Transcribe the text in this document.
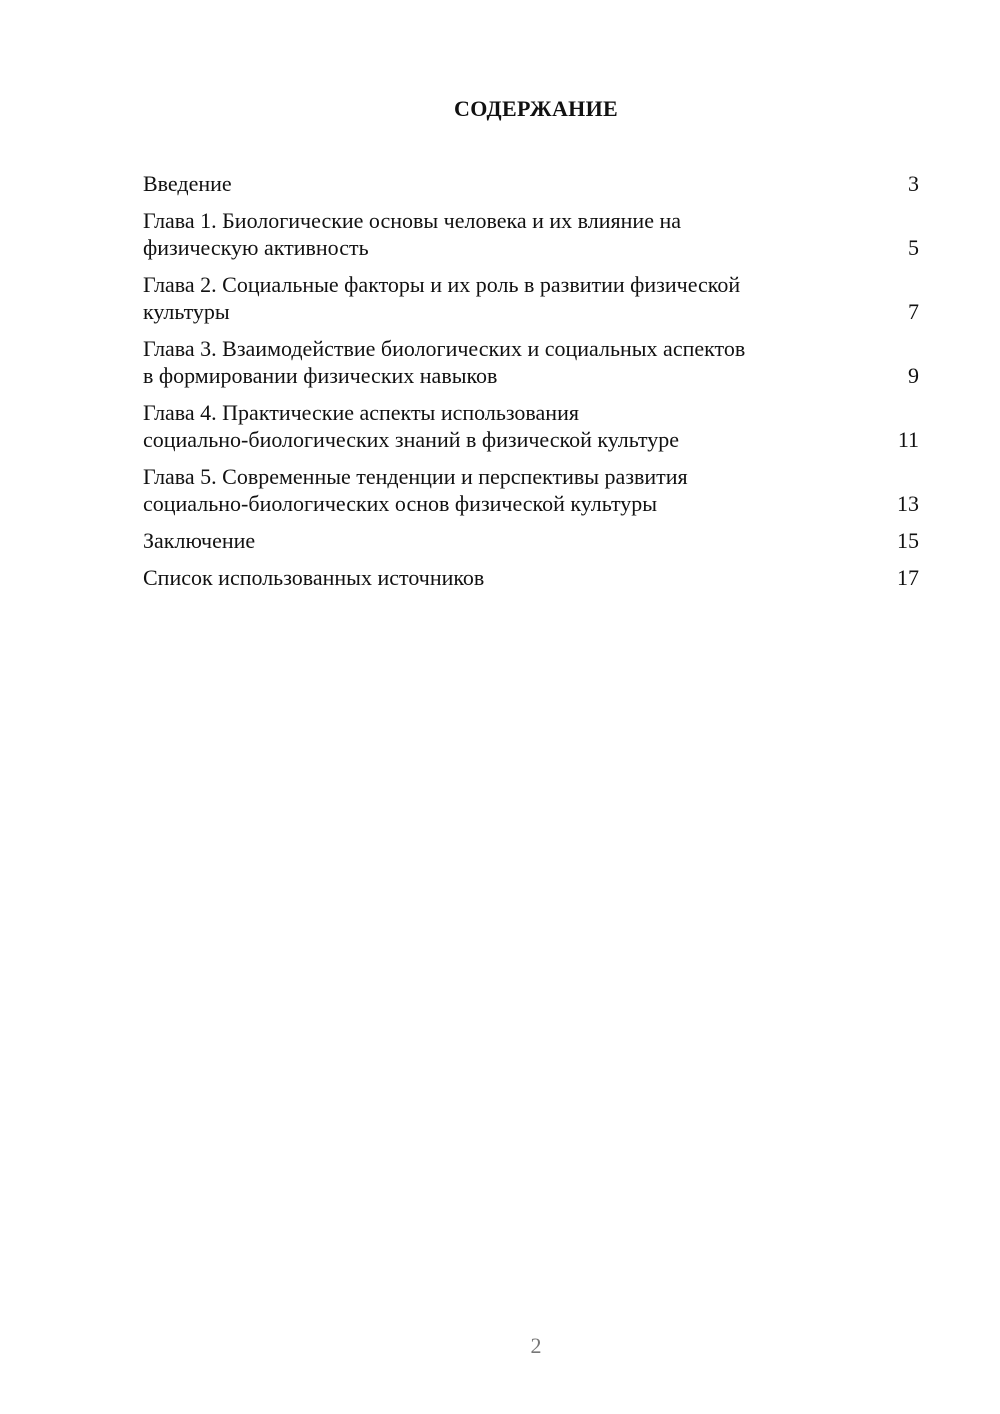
СОДЕРЖАНИЕ
Введение	3
Глава 1. Биологические основы человека и их влияние на
физическую активность	5
Глава 2. Социальные факторы и их роль в развитии физической
культуры	7
Глава 3. Взаимодействие биологических и социальных аспектов
в формировании физических навыков	9
Глава 4. Практические аспекты использования
социально-биологических знаний в физической культуре	11
Глава 5. Современные тенденции и перспективы развития
социально-биологических основ физической культуры	13
Заключение	15
Список использованных источников	17
2
